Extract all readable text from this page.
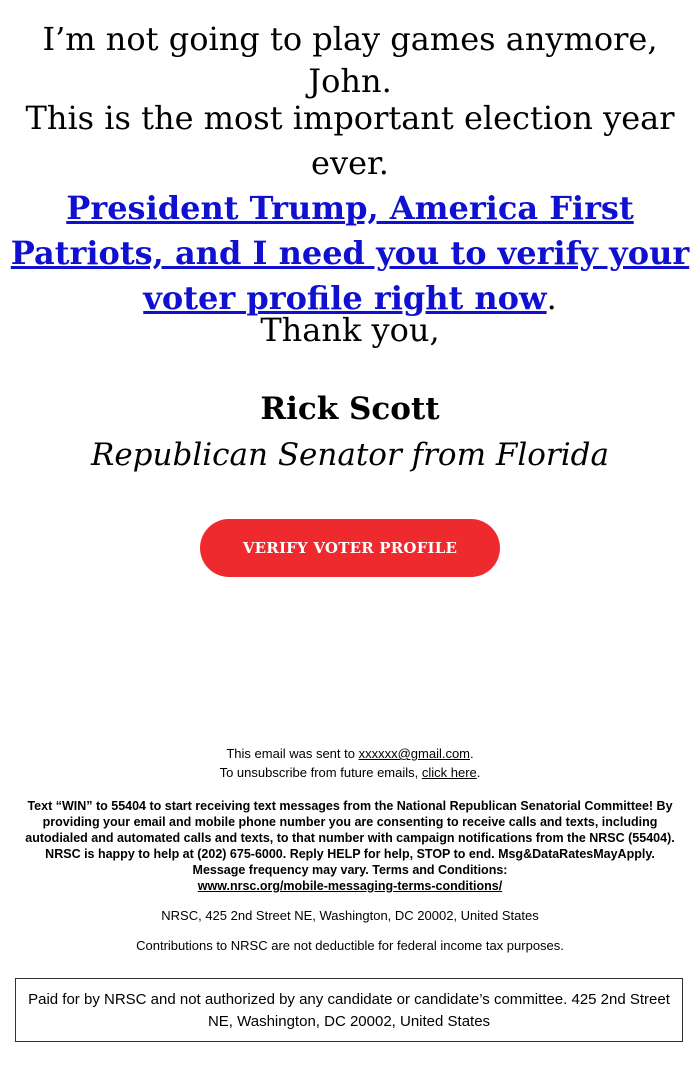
I’m not going to play games anymore, John.

This is the most important election year ever.
President Trump, America First Patriots, and I need you to verify your voter profile right now.

Thank you,

Rick Scott

Republican Senator from Florida

VERIFY VOTER PROFILE

This email was sent to xxxxxx@gmail.com.
To unsubscribe from future emails, click here.

Text “WIN” to 55404 to start receiving text messages from the National Republican Senatorial Committee! By providing your email and mobile phone number you are consenting to receive calls and texts, including autodialed and automated calls and texts, to that number with campaign notifications from the NRSC (55404). NRSC is happy to help at (202) 675-6000. Reply HELP for help, STOP to end. Msg&DataRatesMayApply. Message frequency may vary. Terms and Conditions:
www.nrsc.org/mobile-messaging-terms-conditions/

NRSC, 425 2nd Street NE, Washington, DC 20002, United States

Contributions to NRSC are not deductible for federal income tax purposes.

Paid for by NRSC and not authorized by any candidate or candidate’s committee. 425 2nd Street NE, Washington, DC 20002, United States
